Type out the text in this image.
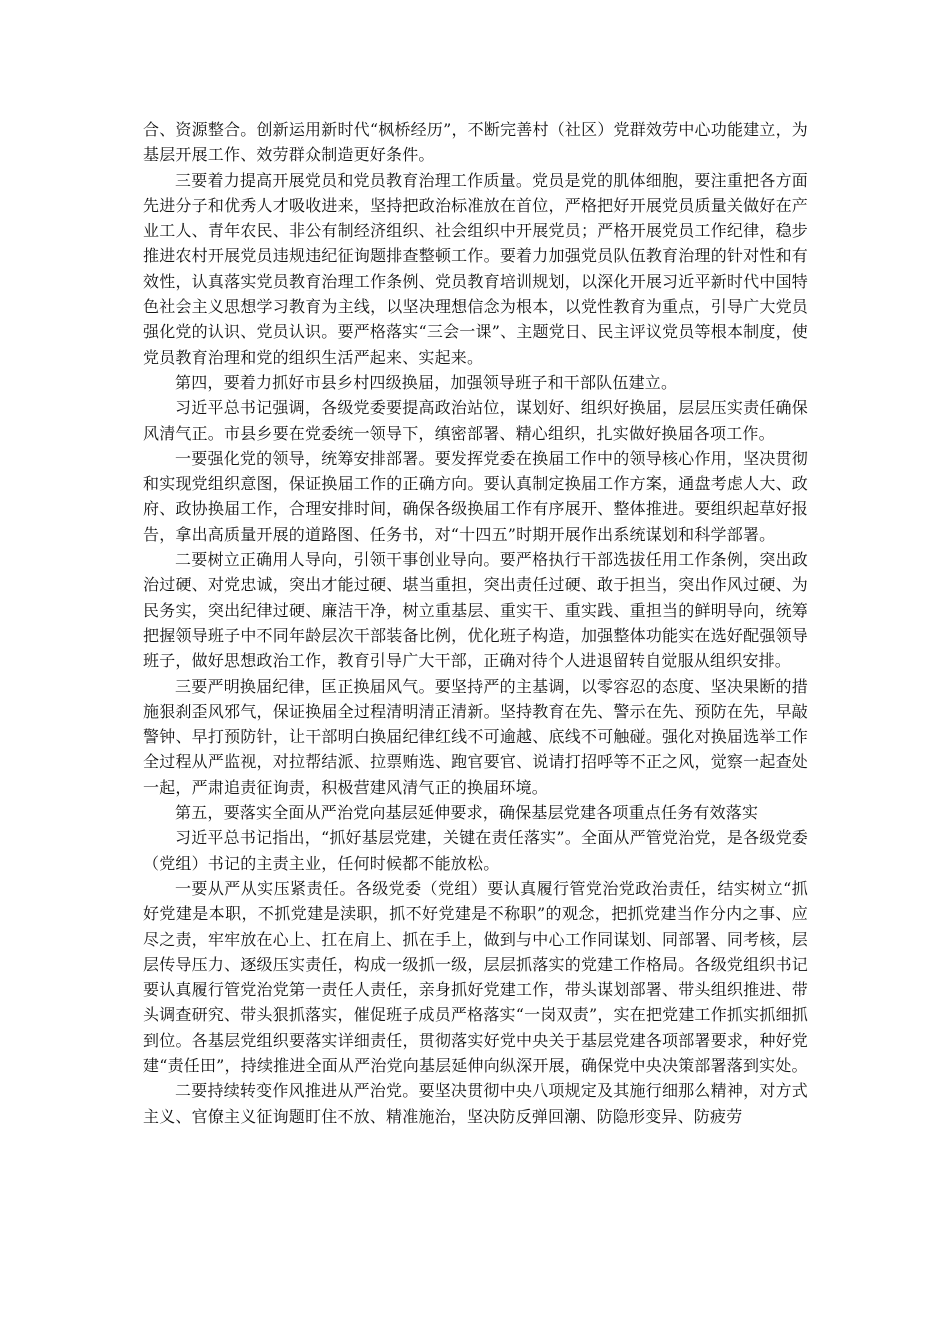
合、资源整合。创新运用新时代“枫桥经历”，不断完善村（社区）党群效劳中心功能建立，为基层开展工作、效劳群众制造更好条件。

三要着力提高开展党员和党员教育治理工作质量。党员是党的肌体细胞，要注重把各方面先进分子和优秀人才吸收进来，坚持把政治标准放在首位，严格把好开展党员质量关做好在产业工人、青年农民、非公有制经济组织、社会组织中开展党员；严格开展党员工作纪律，稳步推进农村开展党员违规违纪征询题排查整顿工作。要着力加强党员队伍教育治理的针对性和有效性，认真落实党员教育治理工作条例、党员教育培训规划，以深化开展习近平新时代中国特色社会主义思想学习教育为主线，以坚决理想信念为根本，以党性教育为重点，引导广大党员强化党的认识、党员认识。要严格落实“三会一课”、主题党日、民主评议党员等根本制度，使党员教育治理和党的组织生活严起来、实起来。

第四，要着力抓好市县乡村四级换届，加强领导班子和干部队伍建立。

习近平总书记强调，各级党委要提高政治站位，谋划好、组织好换届，层层压实责任确保风清气正。市县乡要在党委统一领导下，缜密部署、精心组织，扎实做好换届各项工作。

一要强化党的领导，统筹安排部署。要发挥党委在换届工作中的领导核心作用，坚决贯彻和实现党组织意图，保证换届工作的正确方向。要认真制定换届工作方案，通盘考虑人大、政府、政协换届工作，合理安排时间，确保各级换届工作有序展开、整体推进。要组织起草好报告，拿出高质量开展的道路图、任务书，对“十四五”时期开展作出系统谋划和科学部署。

二要树立正确用人导向，引领干事创业导向。要严格执行干部选拔任用工作条例，突出政治过硬、对党忠诚，突出才能过硬、堪当重担，突出责任过硬、敢于担当，突出作风过硬、为民务实，突出纪律过硬、廉洁干净，树立重基层、重实干、重实践、重担当的鲜明导向，统筹把握领导班子中不同年龄层次干部装备比例，优化班子构造，加强整体功能实在选好配强领导班子，做好思想政治工作，教育引导广大干部，正确对待个人进退留转自觉服从组织安排。

三要严明换届纪律，匡正换届风气。要坚持严的主基调，以零容忍的态度、坚决果断的措施狠刹歪风邪气，保证换届全过程清明清正清新。坚持教育在先、警示在先、预防在先，早敲警钟、早打预防针，让干部明白换届纪律红线不可逾越、底线不可触碰。强化对换届选举工作全过程从严监视，对拉帮结派、拉票贿选、跑官要官、说请打招呼等不正之风，觉察一起查处一起，严肃追责征询责，积极营建风清气正的换届环境。

第五，要落实全面从严治党向基层延伸要求，确保基层党建各项重点任务有效落实

习近平总书记指出，“抓好基层党建，关键在责任落实”。全面从严管党治党，是各级党委（党组）书记的主责主业，任何时候都不能放松。

一要从严从实压紧责任。各级党委（党组）要认真履行管党治党政治责任，结实树立“抓好党建是本职，不抓党建是渎职，抓不好党建是不称职”的观念，把抓党建当作分内之事、应尽之责，牢牢放在心上、扛在肩上、抓在手上，做到与中心工作同谋划、同部署、同考核，层层传导压力、逐级压实责任，构成一级抓一级，层层抓落实的党建工作格局。各级党组织书记要认真履行管党治党第一责任人责任，亲身抓好党建工作，带头谋划部署、带头组织推进、带头调查研究、带头狠抓落实，催促班子成员严格落实“一岗双责”，实在把党建工作抓实抓细抓到位。各基层党组织要落实详细责任，贯彻落实好党中央关于基层党建各项部署要求，种好党建“责任田”，持续推进全面从严治党向基层延伸向纵深开展，确保党中央决策部署落到实处。

二要持续转变作风推进从严治党。要坚决贯彻中央八项规定及其施行细那么精神，对方式主义、官僚主义征询题盯住不放、精准施治，坚决防反弹回潮、防隐形变异、防疲劳
